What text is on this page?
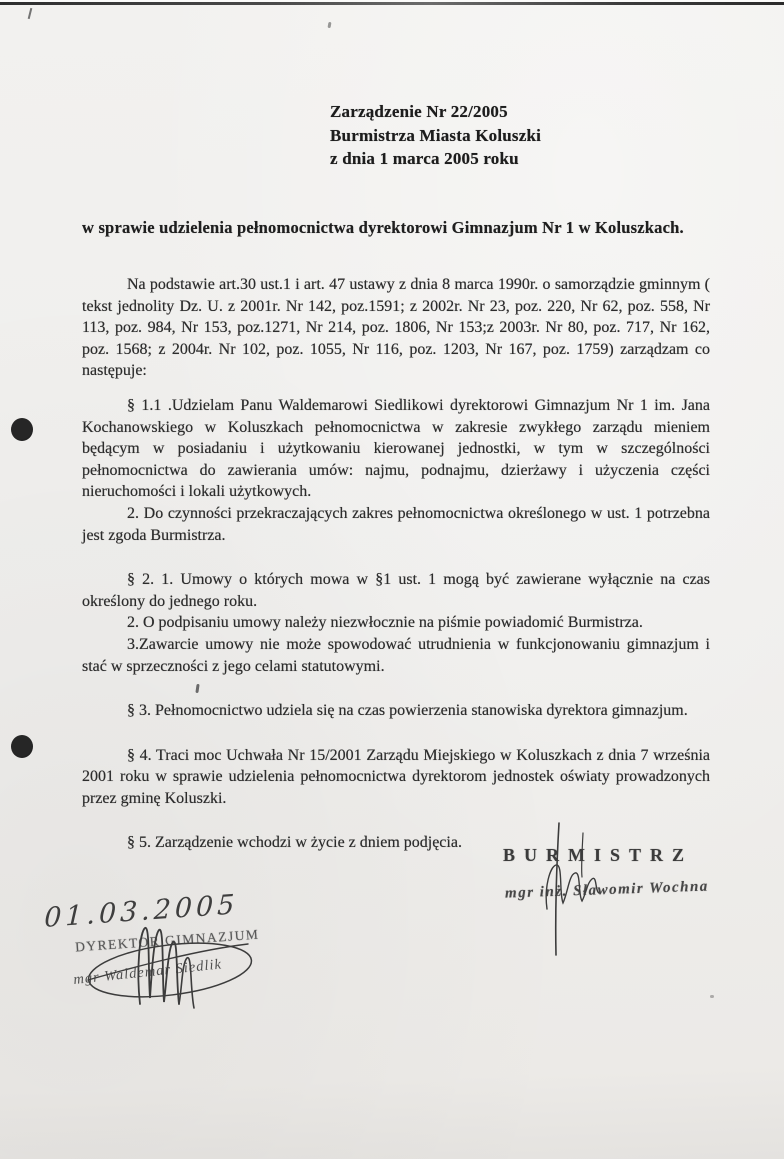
Zarządzenie Nr 22/2005
Burmistrza Miasta Koluszki
z dnia 1 marca 2005 roku
w sprawie udzielenia pełnomocnictwa dyrektorowi Gimnazjum Nr 1 w Koluszkach.

Na podstawie art.30 ust.1 i art. 47 ustawy z dnia 8 marca 1990r. o samorządzie gminnym ( tekst jednolity Dz. U. z 2001r. Nr 142, poz.1591; z 2002r. Nr 23, poz. 220, Nr 62, poz. 558, Nr 113, poz. 984, Nr 153, poz.1271, Nr 214, poz. 1806, Nr 153;z 2003r. Nr 80, poz. 717, Nr 162, poz. 1568; z 2004r. Nr 102, poz. 1055, Nr 116, poz. 1203, Nr 167, poz. 1759) zarządzam co następuje:

§ 1.1 .Udzielam Panu Waldemarowi Siedlikowi dyrektorowi Gimnazjum Nr 1 im. Jana Kochanowskiego w Koluszkach pełnomocnictwa w zakresie zwykłego zarządu mieniem będącym w posiadaniu i użytkowaniu kierowanej jednostki, w tym w szczególności pełnomocnictwa do zawierania umów: najmu, podnajmu, dzierżawy i użyczenia części nieruchomości i lokali użytkowych.

2. Do czynności przekraczających zakres pełnomocnictwa określonego w ust. 1 potrzebna jest zgoda Burmistrza.

§ 2. 1. Umowy o których mowa w §1 ust. 1 mogą być zawierane wyłącznie na czas określony do jednego roku.

2. O podpisaniu umowy należy niezwłocznie na piśmie powiadomić Burmistrza.

3.Zawarcie umowy nie może spowodować utrudnienia w funkcjonowaniu gimnazjum i stać w sprzeczności z jego celami statutowymi.

§ 3. Pełnomocnictwo udziela się na czas powierzenia stanowiska dyrektora gimnazjum.

§ 4. Traci moc Uchwała Nr 15/2001 Zarządu Miejskiego w Koluszkach z dnia 7 września 2001 roku w sprawie udzielenia pełnomocnictwa dyrektorom jednostek oświaty prowadzonych przez gminę Koluszki.

§ 5. Zarządzenie wchodzi w życie z dniem podjęcia.

BURMISTRZ
mgr inż. Sławomir Wochna
01.03.2005
DYREKTOR GIMNAZJUM
mgr Waldemar Siedlik
